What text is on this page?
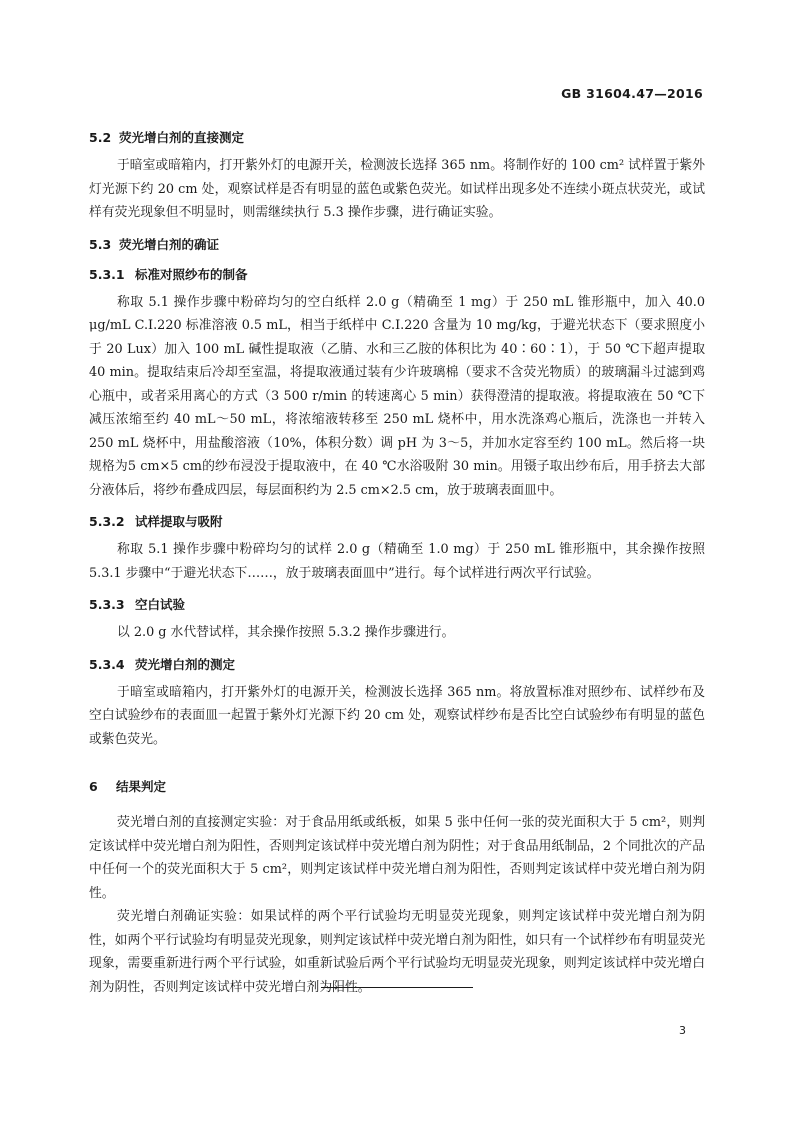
GB 31604.47—2016
5.2 荧光增白剂的直接测定

于暗室或暗箱内，打开紫外灯的电源开关，检测波长选择 365 nm。将制作好的 100 cm² 试样置于紫外灯光源下约 20 cm 处，观察试样是否有明显的蓝色或紫色荧光。如试样出现多处不连续小斑点状荧光，或试样有荧光现象但不明显时，则需继续执行 5.3 操作步骤，进行确证实验。

5.3 荧光增白剂的确证
5.3.1 标准对照纱布的制备

称取 5.1 操作步骤中粉碎均匀的空白纸样 2.0 g（精确至 1 mg）于 250 mL 锥形瓶中，加入 40.0 μg/mL C.I.220 标准溶液 0.5 mL，相当于纸样中 C.I.220 含量为 10 mg/kg，于避光状态下（要求照度小于 20 Lux）加入 100 mL 碱性提取液（乙腈、水和三乙胺的体积比为 40∶60∶1），于 50 ℃下超声提取 40 min。提取结束后冷却至室温，将提取液通过装有少许玻璃棉（要求不含荧光物质）的玻璃漏斗过滤到鸡心瓶中，或者采用离心的方式（3 500 r/min 的转速离心 5 min）获得澄清的提取液。将提取液在 50 ℃下减压浓缩至约 40 mL～50 mL，将浓缩液转移至 250 mL 烧杯中，用水洗涤鸡心瓶后，洗涤也一并转入 250 mL 烧杯中，用盐酸溶液（10%，体积分数）调 pH 为 3～5，并加水定容至约 100 mL。然后将一块规格为5 cm×5 cm的纱布浸没于提取液中，在 40 ℃水浴吸附 30 min。用镊子取出纱布后，用手挤去大部分液体后，将纱布叠成四层，每层面积约为 2.5 cm×2.5 cm，放于玻璃表面皿中。

5.3.2 试样提取与吸附

称取 5.1 操作步骤中粉碎均匀的试样 2.0 g（精确至 1.0 mg）于 250 mL 锥形瓶中，其余操作按照 5.3.1 步骤中“于避光状态下……，放于玻璃表面皿中”进行。每个试样进行两次平行试验。

5.3.3 空白试验

以 2.0 g 水代替试样，其余操作按照 5.3.2 操作步骤进行。

5.3.4 荧光增白剂的测定

于暗室或暗箱内，打开紫外灯的电源开关，检测波长选择 365 nm。将放置标准对照纱布、试样纱布及空白试验纱布的表面皿一起置于紫外灯光源下约 20 cm 处，观察试样纱布是否比空白试验纱布有明显的蓝色或紫色荧光。

6 结果判定

荧光增白剂的直接测定实验：对于食品用纸或纸板，如果 5 张中任何一张的荧光面积大于 5 cm²，则判定该试样中荧光增白剂为阳性，否则判定该试样中荧光增白剂为阴性；对于食品用纸制品，2 个同批次的产品中任何一个的荧光面积大于 5 cm²，则判定该试样中荧光增白剂为阳性，否则判定该试样中荧光增白剂为阴性。

荧光增白剂确证实验：如果试样的两个平行试验均无明显荧光现象，则判定该试样中荧光增白剂为阴性，如两个平行试验均有明显荧光现象，则判定该试样中荧光增白剂为阳性，如只有一个试样纱布有明显荧光现象，需要重新进行两个平行试验，如重新试验后两个平行试验均无明显荧光现象，则判定该试样中荧光增白剂为阴性，否则判定该试样中荧光增白剂为阳性。

3
